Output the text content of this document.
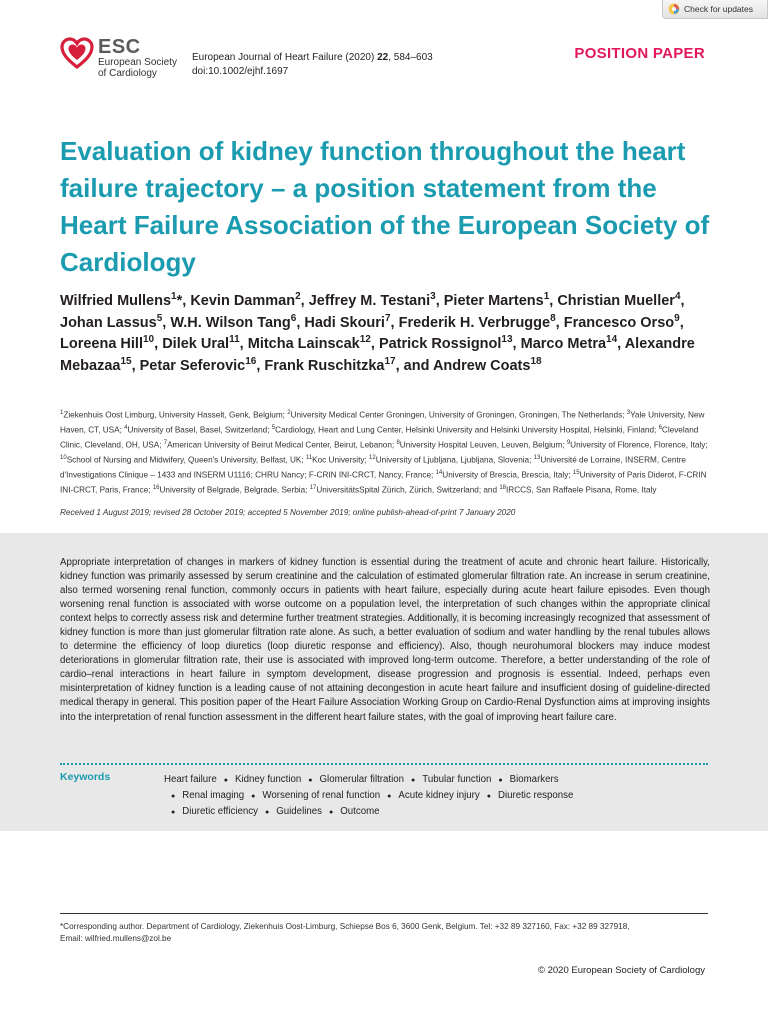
Check for updates
ESC
European Society
of Cardiology
European Journal of Heart Failure (2020) 22, 584–603
doi:10.1002/ejhf.1697
POSITION PAPER
Evaluation of kidney function throughout the heart failure trajectory – a position statement from the Heart Failure Association of the European Society of Cardiology

Wilfried Mullens$^1$*, Kevin Damman$^2$, Jeffrey M. Testani$^3$, Pieter Martens$^1$, Christian Mueller$^4$, Johan Lassus$^5$, W.H. Wilson Tang$^6$, Hadi Skouri$^7$, Frederik H. Verbrugge$^8$, Francesco Orso$^9$, Loreena Hill$^{10}$, Dilek Ural$^{11}$, Mitcha Lainscak$^{12}$, Patrick Rossignol$^{13}$, Marco Metra$^{14}$, Alexandre Mebazaa$^{15}$, Petar Seferovic$^{16}$, Frank Ruschitzka$^{17}$, and Andrew Coats$^{18}$

$^1$Ziekenhuis Oost Limburg, University Hasselt, Genk, Belgium; $^2$University Medical Center Groningen, University of Groningen, Groningen, The Netherlands; $^3$Yale University, New Haven, CT, USA; $^4$University of Basel, Basel, Switzerland; $^5$Cardiology, Heart and Lung Center, Helsinki University and Helsinki University Hospital, Helsinki, Finland; $^6$Cleveland Clinic, Cleveland, OH, USA; $^7$American University of Beirut Medical Center, Beirut, Lebanon; $^8$University Hospital Leuven, Leuven, Belgium; $^9$University of Florence, Florence, Italy; $^{10}$School of Nursing and Midwifery, Queen's University, Belfast, UK; $^{11}$Koc University; $^{12}$University of Ljubljana, Ljubljana, Slovenia; $^{13}$Université de Lorraine, INSERM, Centre d'Investigations Clinique – 1433 and INSERM U1116; CHRU Nancy; F-CRIN INI-CRCT, Nancy, France; $^{14}$University of Brescia, Brescia, Italy; $^{15}$University of Paris Diderot, F-CRIN INI-CRCT, Paris, France; $^{16}$University of Belgrade, Belgrade, Serbia; $^{17}$UniversitätsSpital Zürich, Zürich, Switzerland; and $^{18}$IRCCS, San Raffaele Pisana, Rome, Italy

Received 1 August 2019; revised 28 October 2019; accepted 5 November 2019; online publish-ahead-of-print 7 January 2020

Appropriate interpretation of changes in markers of kidney function is essential during the treatment of acute and chronic heart failure. Historically, kidney function was primarily assessed by serum creatinine and the calculation of estimated glomerular filtration rate. An increase in serum creatinine, also termed worsening renal function, commonly occurs in patients with heart failure, especially during acute heart failure episodes. Even though worsening renal function is associated with worse outcome on a population level, the interpretation of such changes within the appropriate clinical context helps to correctly assess risk and determine further treatment strategies. Additionally, it is becoming increasingly recognized that assessment of kidney function is more than just glomerular filtration rate alone. As such, a better evaluation of sodium and water handling by the renal tubules allows to determine the efficiency of loop diuretics (loop diuretic response and efficiency). Also, though neurohumoral blockers may induce modest deteriorations in glomerular filtration rate, their use is associated with improved long-term outcome. Therefore, a better understanding of the role of cardio–renal interactions in heart failure in symptom development, disease progression and prognosis is essential. Indeed, perhaps even misinterpretation of kidney function is a leading cause of not attaining decongestion in acute heart failure and insufficient dosing of guideline-directed medical therapy in general. This position paper of the Heart Failure Association Working Group on Cardio-Renal Dysfunction aims at improving insights into the interpretation of renal function assessment in the different heart failure states, with the goal of improving heart failure care.

Keywords	Heart failure ● Kidney function ● Glomerular filtration ● Tubular function ● Biomarkers
● Renal imaging ● Worsening of renal function ● Acute kidney injury ● Diuretic response
● Diuretic efficiency ● Guidelines ● Outcome

*Corresponding author. Department of Cardiology, Ziekenhuis Oost-Limburg, Schiepse Bos 6, 3600 Genk, Belgium. Tel: +32 89 327160, Fax: +32 89 327918,
Email: wilfried.mullens@zol.be

© 2020 European Society of Cardiology
